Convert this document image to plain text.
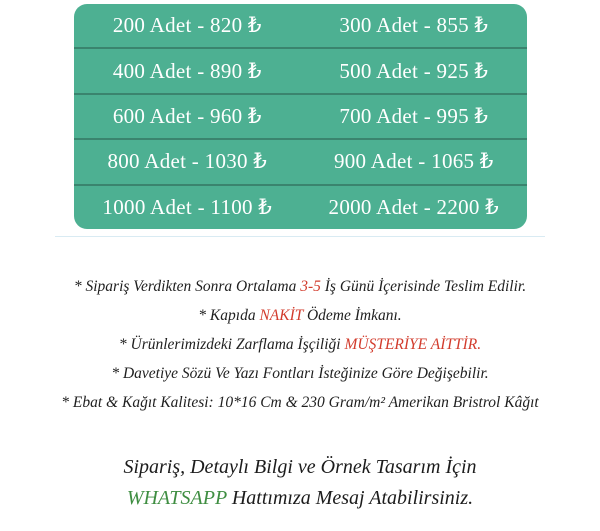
200 Adet - 820 ₺	300 Adet - 855 ₺
400 Adet - 890 ₺	500 Adet - 925 ₺
600 Adet - 960 ₺	700 Adet - 995 ₺
800 Adet - 1030 ₺	900 Adet - 1065 ₺
1000 Adet - 1100 ₺	2000 Adet - 2200 ₺
* Sipariş Verdikten Sonra Ortalama 3-5 İş Günü İçerisinde Teslim Edilir.
* Kapıda NAKİT Ödeme İmkanı.
* Ürünlerimizdeki Zarflama İşçiliği MÜŞTERİYE AİTTİR.
* Davetiye Sözü Ve Yazı Fontları İsteğinize Göre Değişebilir.
* Ebat & Kağıt Kalitesi: 10*16 Cm & 230 Gram/m² Amerikan Bristrol Kâğıt
Sipariş, Detaylı Bilgi ve Örnek Tasarım İçin
WHATSAPP Hattımıza Mesaj Atabilirsiniz.
